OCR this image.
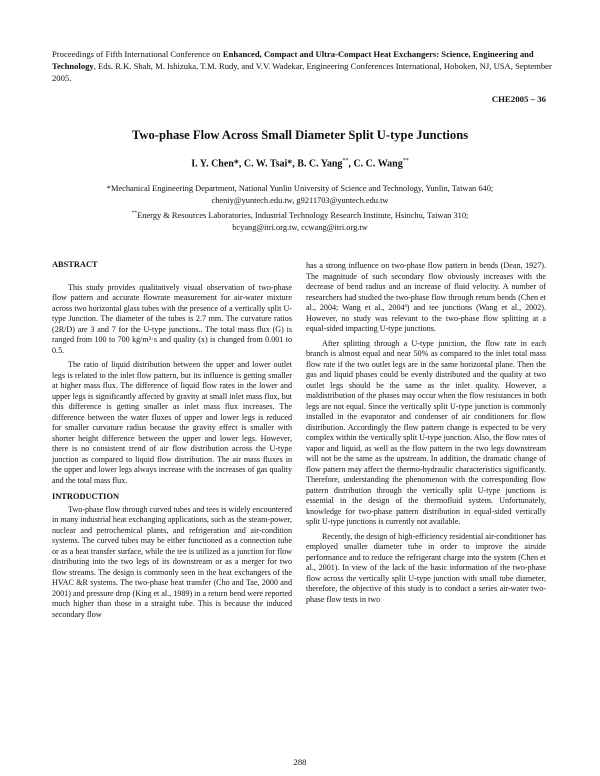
Proceedings of Fifth International Conference on Enhanced, Compact and Ultra-Compact Heat Exchangers: Science, Engineering and Technology, Eds. R.K. Shah, M. Ishizuka, T.M. Rudy, and V.V. Wadekar, Engineering Conferences International, Hoboken, NJ, USA, September 2005.
CHE2005 – 36
Two-phase Flow Across Small Diameter Split U-type Junctions
I. Y. Chen*, C. W. Tsai*, B. C. Yang**, C. C. Wang**
*Mechanical Engineering Department, National Yunlin University of Science and Technology, Yunlin, Taiwan 640;
cheniy@yuntech.edu.tw, g9211703@yuntech.edu.tw
**Energy & Resources Laboratories, Industrial Technology Research Institute, Hsinchu, Taiwan 310;
bcyang@itri.org.tw, ccwang@itri.org.tw
ABSTRACT

This study provides qualitatively visual observation of two-phase flow pattern and accurate flowrate measurement for air-water mixture across two horizontal glass tubes with the presence of a vertically split U-type Junction. The diameter of the tubes is 2.7 mm. The curvature ratios (2R/D) are 3 and 7 for the U-type junctions.. The total mass flux (G) is ranged from 100 to 700 kg/m²·s and quality (x) is changed from 0.001 to 0.5.

The ratio of liquid distribution between the upper and lower outlet legs is related to the inlet flow pattern, but its influence is getting smaller at higher mass flux. The difference of liquid flow rates in the lower and upper legs is significantly affected by gravity at small inlet mass flux, but this difference is getting smaller as inlet mass flux increases. The difference between the water fluxes of upper and lower legs is reduced for smaller curvature radius because the gravity effect is smaller with shorter height difference between the upper and lower legs. However, there is no consistent trend of air flow distribution across the U-type junction as compared to liquid flow distribution. The air mass fluxes in the upper and lower legs always increase with the increases of gas quality and the total mass flux.

INTRODUCTION

Two-phase flow through curved tubes and tees is widely encountered in many industrial heat exchanging applications, such as the steam-power, nuclear and petrochemical plants, and refrigeration and air-condition systems. The curved tubes may be either functioned as a connection tube or as a heat transfer surface, while the tee is utilized as a junction for flow distributing into the two legs of its downstream or as a merger for two flow streams. The design is commonly seen in the heat exchangers of the HVAC &R systems. The two-phase heat transfer (Cho and Tae, 2000 and 2001) and pressure drop (King et al., 1989) in a return bend were reported much higher than those in a straight tube. This is because the induced secondary flow

has a strong influence on two-phase flow pattern in bends (Dean, 1927). The magnitude of such secondary flow obviously increases with the decrease of bend radius and an increase of fluid velocity. A number of researchers had studied the two-phase flow through return bends (Chen et al., 2004; Wang et al., 2004ª) and tee junctions (Wang et al., 2002). However, no study was relevant to the two-phase flow splitting at a equal-sided impacting U-type junctions.

After splitting through a U-type junction, the flow rate in each branch is almost equal and near 50% as compared to the inlet total mass flow rate if the two outlet legs are in the same horizontal plane. Then the gas and liquid phases could be evenly distributed and the quality at two outlet legs should be the same as the inlet quality. However, a maldistribution of the phases may occur when the flow resistances in both legs are not equal. Since the vertically split U-type junction is commonly installed in the evaporator and condenser of air conditioners for flow distribution. Accordingly the flow pattern change is expected to be very complex within the vertically split U-type junction. Also, the flow rates of vapor and liquid, as well as the flow pattern in the two legs downstream will not be the same as the upstream. In addition, the dramatic change of flow pattern may affect the thermo-hydraulic characteristics significantly. Therefore, understanding the phenomenon with the corresponding flow pattern distribution through the vertically split U-type junctions is essential in the design of the thermofluid system. Unfortunately, knowledge for two-phase pattern distribution in equal-sided vertically split U-type junctions is currently not available.

Recently, the design of high-efficiency residential air-conditioner has employed smaller diameter tube in order to improve the airside performance and to reduce the refrigerant charge into the system (Chen et al., 2001). In view of the lack of the basic information of the two-phase flow across the vertically split U-type junction with small tube diameter, therefore, the objective of this study is to conduct a series air-water two-phase flow tests in two

288
